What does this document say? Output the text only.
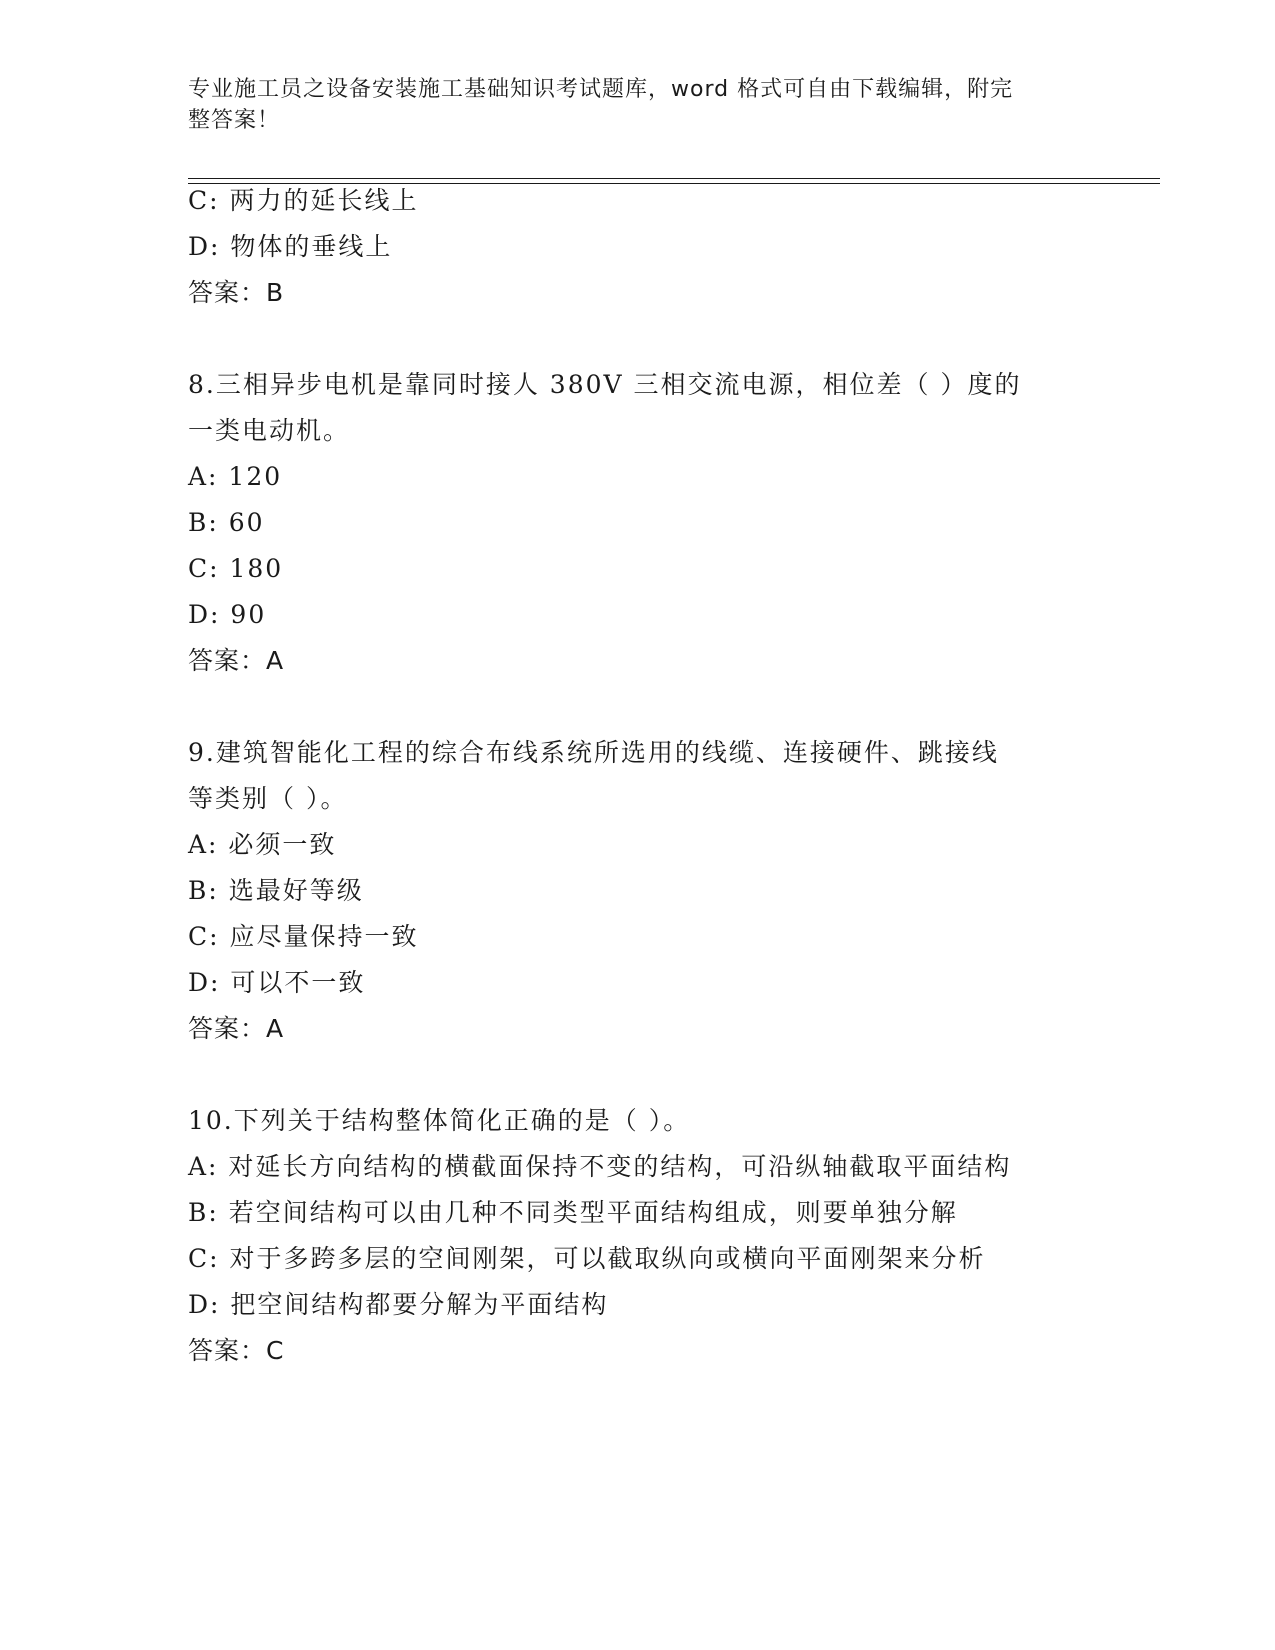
专业施工员之设备安装施工基础知识考试题库，word 格式可自由下载编辑，附完
整答案！

C: 两力的延长线上

D: 物体的垂线上

答案：B

8.三相异步电机是靠同时接人 380V 三相交流电源，相位差（ ）度的

一类电动机。

A: 120

B: 60

C: 180

D: 90

答案：A

9.建筑智能化工程的综合布线系统所选用的线缆、连接硬件、跳接线

等类别（ ）。

A: 必须一致

B: 选最好等级

C: 应尽量保持一致

D: 可以不一致

答案：A

10.下列关于结构整体简化正确的是（ ）。

A: 对延长方向结构的横截面保持不变的结构，可沿纵轴截取平面结构

B: 若空间结构可以由几种不同类型平面结构组成，则要单独分解

C: 对于多跨多层的空间刚架，可以截取纵向或横向平面刚架来分析

D: 把空间结构都要分解为平面结构

答案：C
